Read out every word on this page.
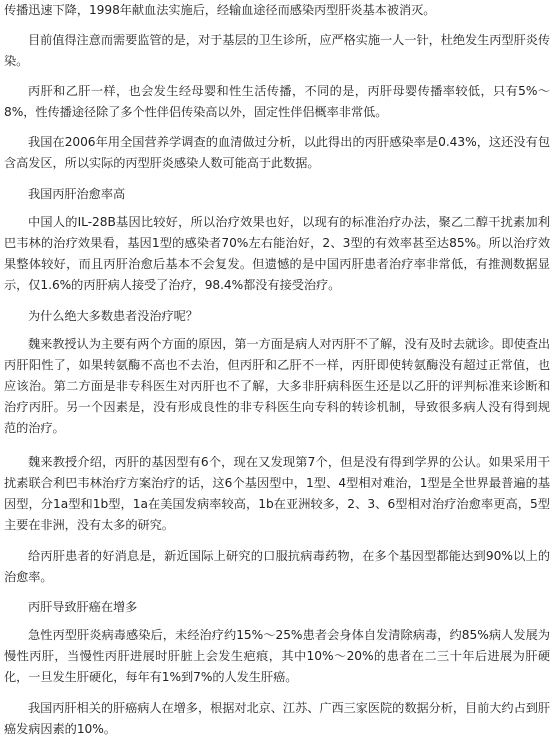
传播迅速下降，1998年献血法实施后，经输血途径而感染丙型肝炎基本被消灭。

目前值得注意而需要监管的是，对于基层的卫生诊所，应严格实施一人一针，杜绝发生丙型肝炎传染。

丙肝和乙肝一样，也会发生经母婴和性生活传播，不同的是，丙肝母婴传播率较低，只有5%～8%，性传播途径除了多个性伴侣传染高以外，固定性伴侣概率非常低。

我国在2006年用全国营养学调查的血清做过分析，以此得出的丙肝感染率是0.43%，这还没有包含高发区，所以实际的丙型肝炎感染人数可能高于此数据。

我国丙肝治愈率高

中国人的IL-28B基因比较好，所以治疗效果也好，以现有的标准治疗办法，聚乙二醇干扰素加利巴韦林的治疗效果看，基因1型的感染者70%左右能治好，2、3型的有效率甚至达85%。所以治疗效果整体较好，而且丙肝治愈后基本不会复发。但遗憾的是中国丙肝患者治疗率非常低，有推测数据显示，仅1.6%的丙肝病人接受了治疗，98.4%都没有接受治疗。

为什么绝大多数患者没治疗呢？

魏来教授认为主要有两个方面的原因，第一方面是病人对丙肝不了解，没有及时去就诊。即使查出丙肝阳性了，如果转氨酶不高也不去治，但丙肝和乙肝不一样，丙肝即使转氨酶没有超过正常值，也应该治。第二方面是非专科医生对丙肝也不了解，大多非肝病科医生还是以乙肝的评判标准来诊断和治疗丙肝。另一个因素是，没有形成良性的非专科医生向专科的转诊机制，导致很多病人没有得到规范的治疗。

魏来教授介绍，丙肝的基因型有6个，现在又发现第7个，但是没有得到学界的公认。如果采用干扰素联合利巴韦林治疗方案治疗的话，这6个基因型中，1型、4型相对难治，1型是全世界最普遍的基因型，分1a型和1b型，1a在美国发病率较高，1b在亚洲较多，2、3、6型相对治疗治愈率更高，5型主要在非洲，没有太多的研究。

给丙肝患者的好消息是，新近国际上研究的口服抗病毒药物，在多个基因型都能达到90%以上的治愈率。

丙肝导致肝癌在增多

急性丙型肝炎病毒感染后，未经治疗约15%～25%患者会身体自发清除病毒，约85%病人发展为慢性丙肝，当慢性丙肝进展时肝脏上会发生疤痕，其中10%～20%的患者在二三十年后进展为肝硬化，一旦发生肝硬化，每年有1%到7%的人发生肝癌。

我国丙肝相关的肝癌病人在增多，根据对北京、江苏、广西三家医院的数据分析，目前大约占到肝癌发病因素的10%。
